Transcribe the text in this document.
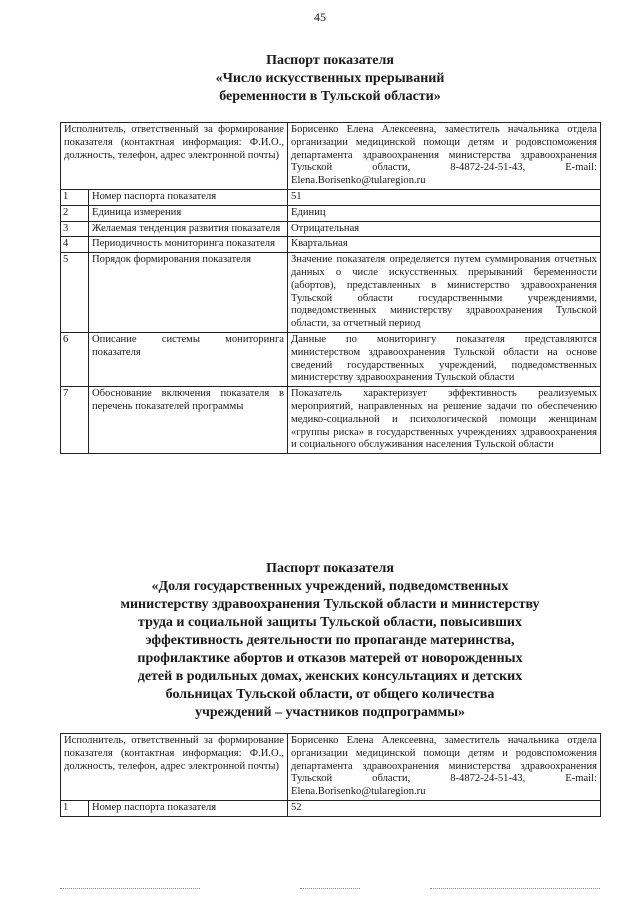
45
Паспорт показателя
«Число искусственных прерываний
беременности в Тульской области»
Исполнитель, ответственный за формирование показателя (контактная информация: Ф.И.О., должность, телефон, адрес электронной почты)		Борисенко Елена Алексеевна, заместитель начальника отдела организации медицинской помощи детям и родовспоможения департамента здравоохранения министерства здравоохранения Тульской области, 8-4872-24-51-43, E-mail: Elena.Borisenko@tularegion.ru
1	Номер паспорта показателя	51
2	Единица измерения	Единиц
3	Желаемая тенденция развития показателя	Отрицательная
4	Периодичность мониторинга показателя	Квартальная
5	Порядок формирования показателя	Значение показателя определяется путем суммирования отчетных данных о числе искусственных прерываний беременности (абортов), представленных в министерство здравоохранения Тульской области государственными учреждениями, подведомственных министерству здравоохранения Тульской области, за отчетный период
6	Описание системы мониторинга показателя	Данные по мониторингу показателя представляются министерством здравоохранения Тульской области на основе сведений государственных учреждений, подведомственных министерству здравоохранения Тульской области
7	Обоснование включения показателя в перечень показателей программы	Показатель характеризует эффективность реализуемых мероприятий, направленных на решение задачи по обеспечению медико-социальной и психологической помощи женщинам «группы риска» в государственных учреждениях здравоохранения и социального обслуживания населения Тульской области
Паспорт показателя
«Доля государственных учреждений, подведомственных
министерству здравоохранения Тульской области и министерству
труда и социальной защиты Тульской области, повысивших
эффективность деятельности по пропаганде материнства,
профилактике абортов и отказов матерей от новорожденных
детей в родильных домах, женских консультациях и детских
больницах Тульской области, от общего количества
учреждений – участников подпрограммы»
Исполнитель, ответственный за формирование показателя (контактная информация: Ф.И.О., должность, телефон, адрес электронной почты)		Борисенко Елена Алексеевна, заместитель начальника отдела организации медицинской помощи детям и родовспоможения департамента здравоохранения министерства здравоохранения Тульской области, 8-4872-24-51-43, E-mail: Elena.Borisenko@tularegion.ru
1	Номер паспорта показателя	52
